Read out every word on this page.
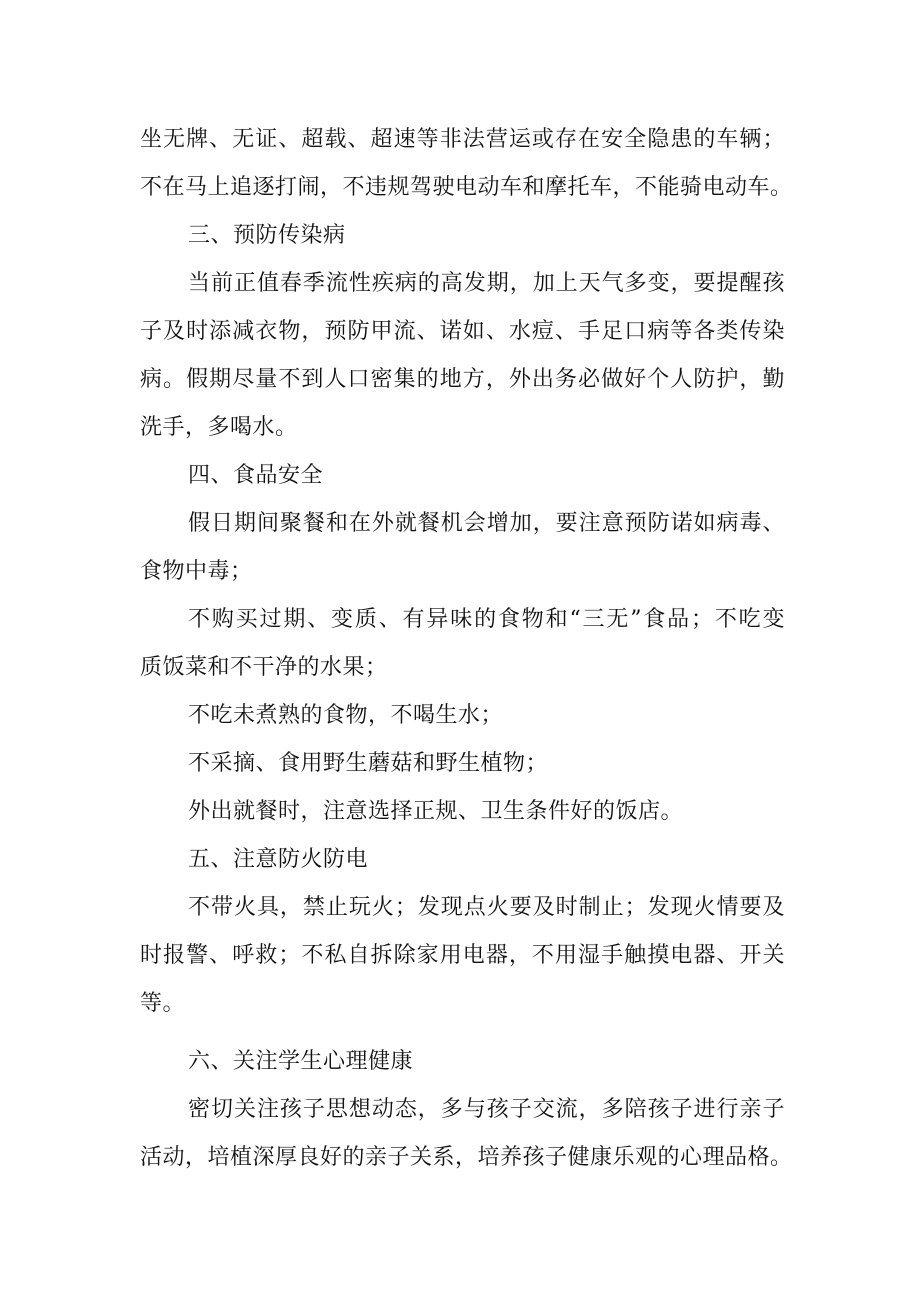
坐无牌、无证、超载、超速等非法营运或存在安全隐患的车辆；
不在马上追逐打闹，不违规驾驶电动车和摩托车，不能骑电动车。
三、预防传染病
当前正值春季流性疾病的高发期，加上天气多变，要提醒孩
子及时添减衣物，预防甲流、诺如、水痘、手足口病等各类传染
病。假期尽量不到人口密集的地方，外出务必做好个人防护，勤
洗手，多喝水。
四、食品安全
假日期间聚餐和在外就餐机会增加，要注意预防诺如病毒、
食物中毒；
不购买过期、变质、有异味的食物和“三无”食品；不吃变
质饭菜和不干净的水果；
不吃未煮熟的食物，不喝生水；
不采摘、食用野生蘑菇和野生植物；
外出就餐时，注意选择正规、卫生条件好的饭店。
五、注意防火防电
不带火具，禁止玩火；发现点火要及时制止；发现火情要及
时报警、呼救；不私自拆除家用电器，不用湿手触摸电器、开关
等。
六、关注学生心理健康
密切关注孩子思想动态，多与孩子交流，多陪孩子进行亲子
活动，培植深厚良好的亲子关系，培养孩子健康乐观的心理品格。
